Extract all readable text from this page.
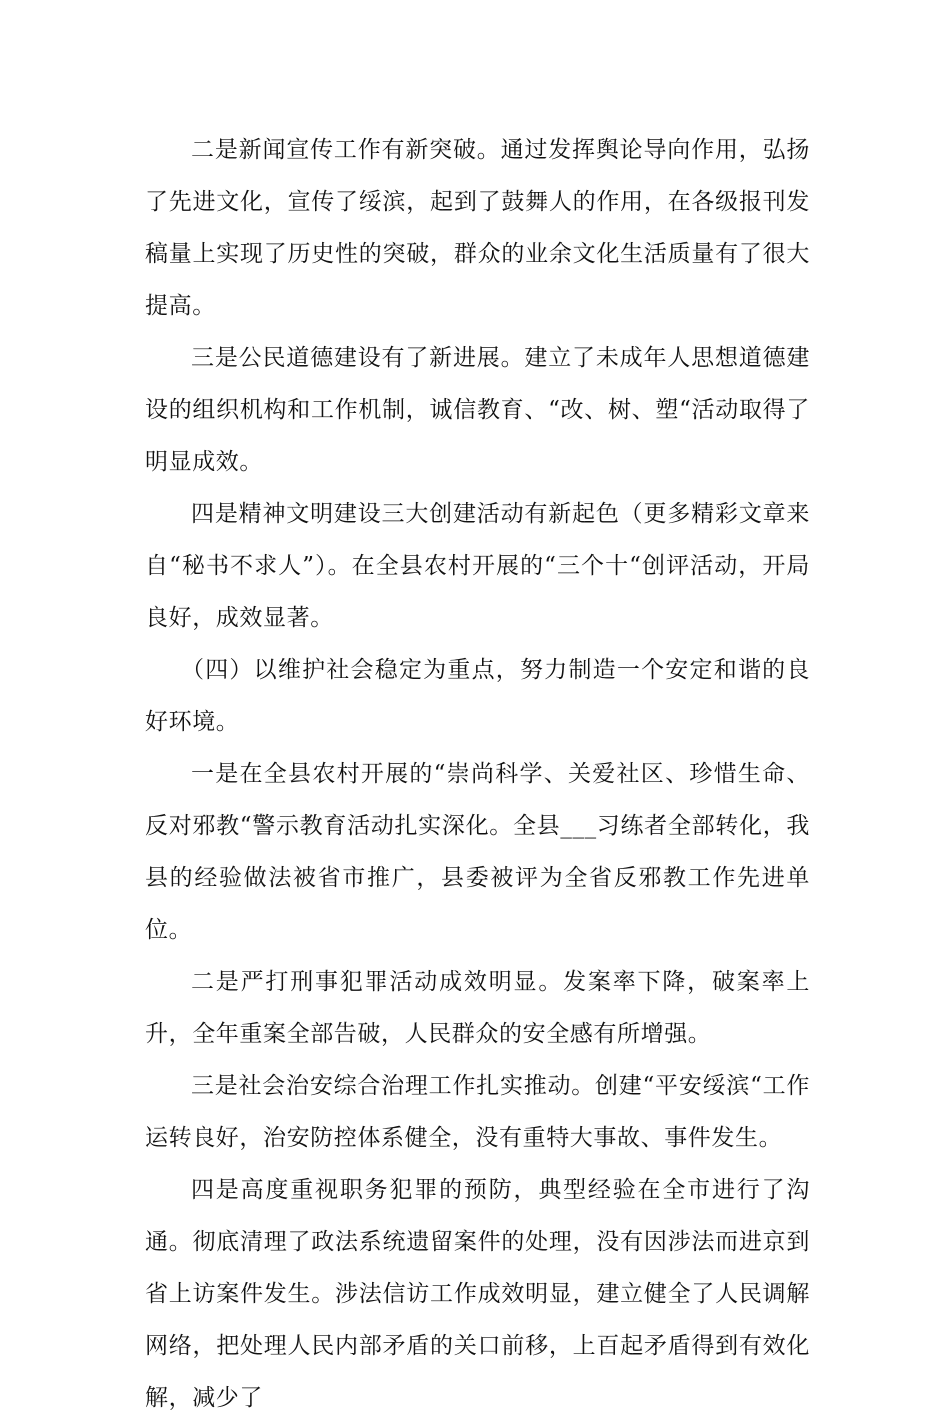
二是新闻宣传工作有新突破。通过发挥舆论导向作用，弘扬了先进文化，宣传了绥滨，起到了鼓舞人的作用，在各级报刊发稿量上实现了历史性的突破，群众的业余文化生活质量有了很大提高。

三是公民道德建设有了新进展。建立了未成年人思想道德建设的组织机构和工作机制，诚信教育、“改、树、塑“活动取得了明显成效。

四是精神文明建设三大创建活动有新起色（更多精彩文章来自“秘书不求人”）。在全县农村开展的“三个十“创评活动，开局良好，成效显著。

（四）以维护社会稳定为重点，努力制造一个安定和谐的良好环境。

一是在全县农村开展的“崇尚科学、关爱社区、珍惜生命、反对邪教“警示教育活动扎实深化。全县___习练者全部转化，我县的经验做法被省市推广，县委被评为全省反邪教工作先进单位。

二是严打刑事犯罪活动成效明显。发案率下降，破案率上升，全年重案全部告破，人民群众的安全感有所增强。

三是社会治安综合治理工作扎实推动。创建“平安绥滨“工作运转良好，治安防控体系健全，没有重特大事故、事件发生。

四是高度重视职务犯罪的预防，典型经验在全市进行了沟通。彻底清理了政法系统遗留案件的处理，没有因涉法而进京到省上访案件发生。涉法信访工作成效明显，建立健全了人民调解网络，把处理人民内部矛盾的关口前移，上百起矛盾得到有效化解，减少了
